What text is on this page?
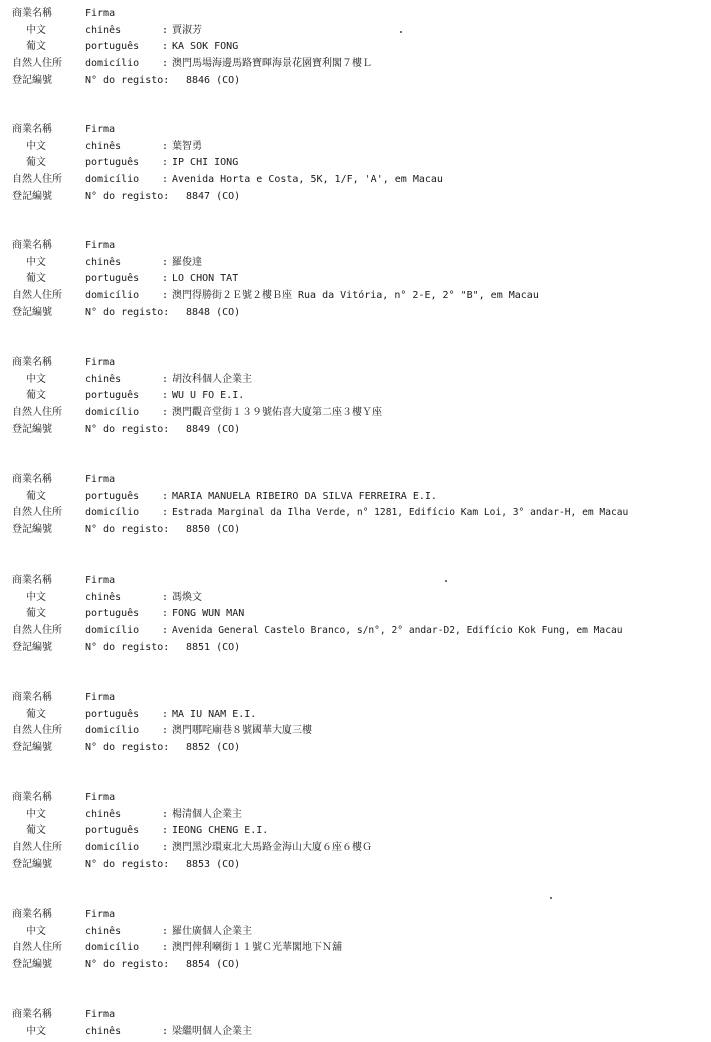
商業名稱	Firma
中文	chinês	: 賈淑芳
葡文	português : KA SOK FONG
自然人住所 domicílio : 澳門馬場海邊馬路寶暉海景花園寶利閣７樓Ｌ
登記編號	N° do registo: 8846 (CO)
商業名稱	Firma
中文	chinês	: 葉智勇
葡文	português : IP CHI IONG
自然人住所 domicílio : Avenida Horta e Costa, 5K, 1/F, 'A', em Macau
登記編號	N° do registo: 8847 (CO)
商業名稱	Firma
中文	chinês	: 羅俊達
葡文	português : LO CHON TAT
自然人住所 domicílio : 澳門得勝街２Ｅ號２樓Ｂ座 Rua da Vitória, n° 2-E, 2° "B", em Macau
登記編號	N° do registo: 8848 (CO)
商業名稱	Firma
中文	chinês	: 胡汝科個人企業主
葡文	português : WU U FO E.I.
自然人住所 domicílio : 澳門觀音堂街１３９號佑喜大廈第二座３樓Ｙ座
登記編號	N° do registo: 8849 (CO)
商業名稱	Firma
葡文	português : MARIA MANUELA RIBEIRO DA SILVA FERREIRA E.I.
自然人住所 domicílio : Estrada Marginal da Ilha Verde, n° 1281, Edifício Kam Loi, 3° andar-H, em Macau
登記編號	N° do registo: 8850 (CO)
商業名稱	Firma
中文	chinês	: 馮煥文
葡文	português : FONG WUN MAN
自然人住所 domicílio : Avenida General Castelo Branco, s/n°, 2° andar-D2, Edifício Kok Fung, em Macau
登記編號	N° do registo: 8851 (CO)
商業名稱	Firma
葡文	português : MA IU NAM E.I.
自然人住所 domicílio : 澳門哪咤廟巷８號國華大廈三樓
登記編號	N° do registo: 8852 (CO)
商業名稱	Firma
中文	chinês	: 楊清個人企業主
葡文	português : IEONG CHENG E.I.
自然人住所 domicílio : 澳門黑沙環東北大馬路金海山大廈６座６樓Ｇ
登記編號	N° do registo: 8853 (CO)
商業名稱	Firma
中文	chinês	: 羅仕廣個人企業主
自然人住所 domicílio : 澳門俾利喇街１１號Ｃ光華閣地下Ｎ舖
登記編號	N° do registo: 8854 (CO)
商業名稱	Firma
中文	chinês	: 梁繼明個人企業主
